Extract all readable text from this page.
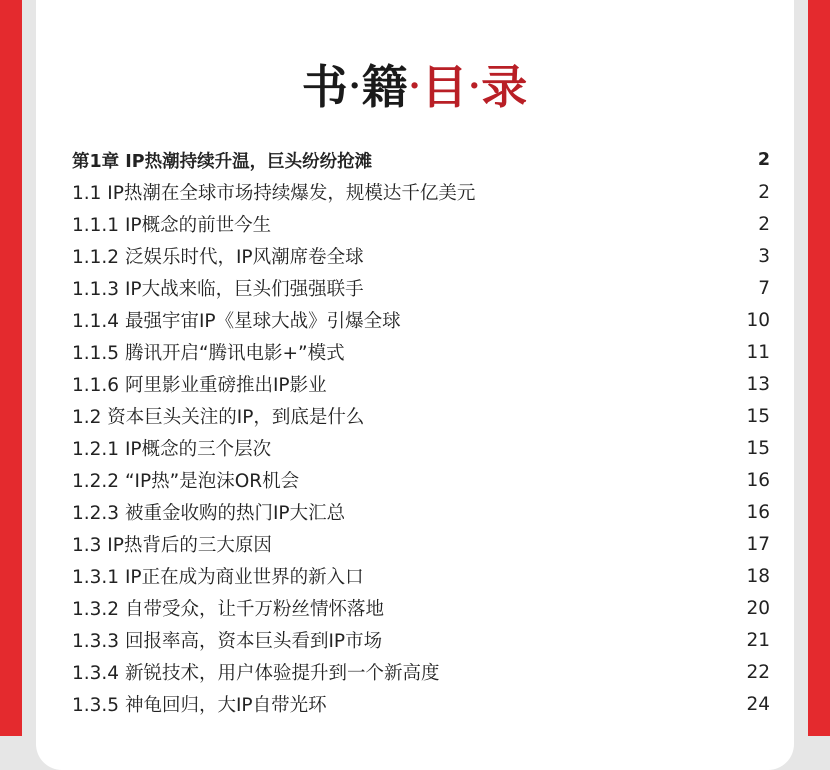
书·籍·目·录
第1章 IP热潮持续升温，巨头纷纷抢滩	2
1.1 IP热潮在全球市场持续爆发，规模达千亿美元	2
1.1.1 IP概念的前世今生	2
1.1.2 泛娱乐时代，IP风潮席卷全球	3
1.1.3 IP大战来临，巨头们强强联手	7
1.1.4 最强宇宙IP《星球大战》引爆全球	10
1.1.5 腾讯开启“腾讯电影+”模式	11
1.1.6 阿里影业重磅推出IP影业	13
1.2 资本巨头关注的IP，到底是什么	15
1.2.1 IP概念的三个层次	15
1.2.2 “IP热”是泡沫OR机会	16
1.2.3 被重金收购的热门IP大汇总	16
1.3 IP热背后的三大原因	17
1.3.1 IP正在成为商业世界的新入口	18
1.3.2 自带受众，让千万粉丝情怀落地	20
1.3.3 回报率高，资本巨头看到IP市场	21
1.3.4 新锐技术，用户体验提升到一个新高度	22
1.3.5 神龟回归，大IP自带光环	24
